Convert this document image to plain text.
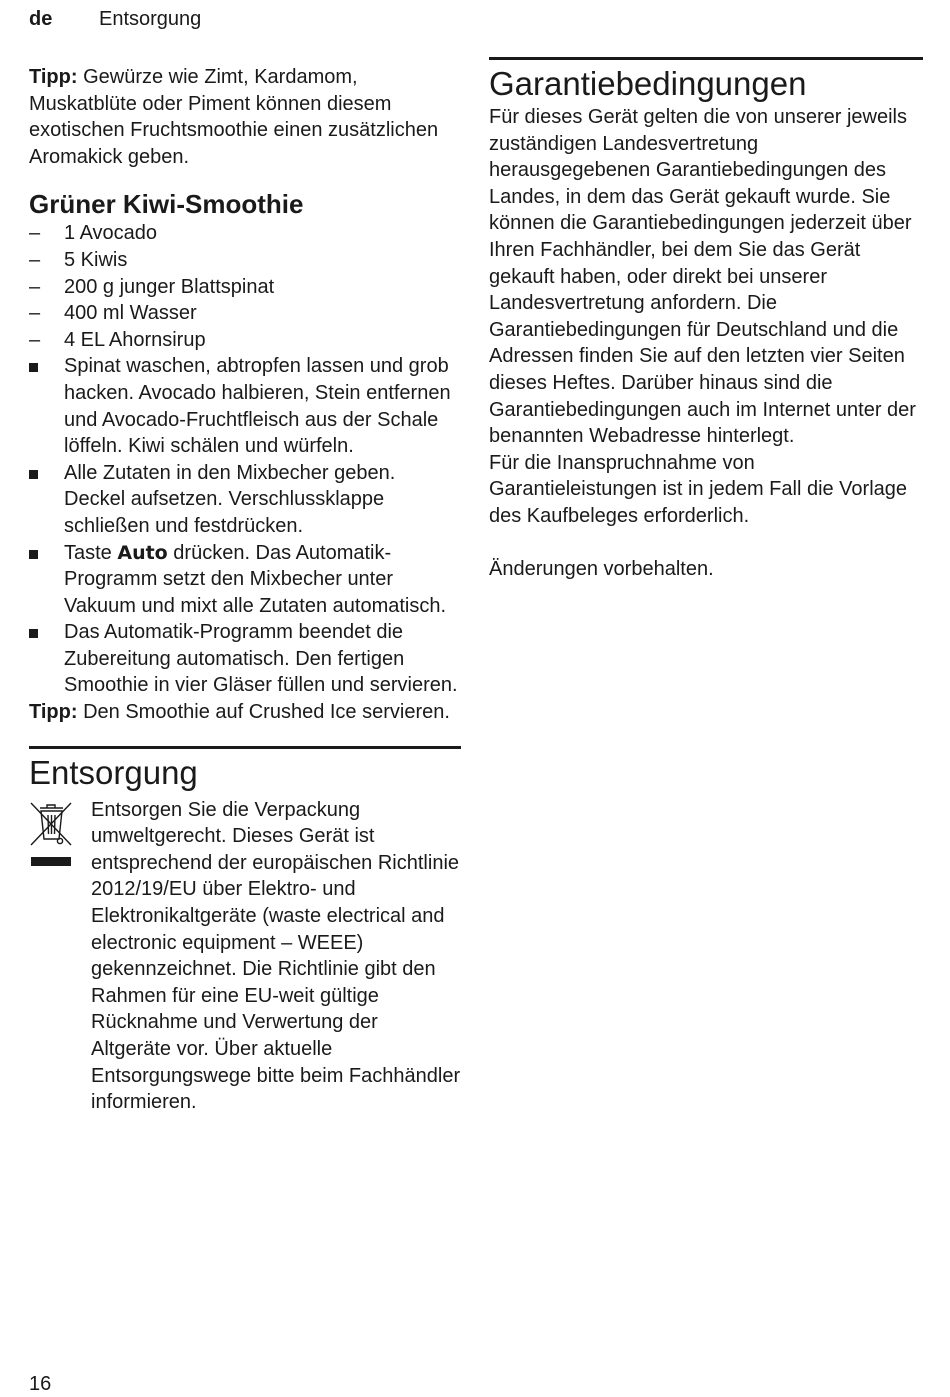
de Entsorgung

Tipp: Gewürze wie Zimt, Kardamom, Muskatblüte oder Piment können diesem exotischen Fruchtsmoothie einen zusätzlichen Aromakick geben.

Grüner Kiwi-Smoothie
–	1 Avocado
–	5 Kiwis
–	200 g junger Blattspinat
–	400 ml Wasser
–	4 EL Ahornsirup
Spinat waschen, abtropfen lassen und grob hacken. Avocado halbieren, Stein entfernen und Avocado-Fruchtfleisch aus der Schale löffeln. Kiwi schälen und würfeln.
Alle Zutaten in den Mixbecher geben. Deckel aufsetzen. Verschlussklappe schließen und festdrücken.
Taste Auto drücken. Das Automatik-Programm setzt den Mixbecher unter Vakuum und mixt alle Zutaten automatisch.
Das Automatik-Programm beendet die Zubereitung automatisch. Den fertigen Smoothie in vier Gläser füllen und servieren.

Tipp: Den Smoothie auf Crushed Ice servieren.

Entsorgung

Entsorgen Sie die Verpackung umweltgerecht. Dieses Gerät ist entsprechend der europäischen Richtlinie 2012/19/EU über Elektro- und Elektronikaltgeräte (waste electrical and electronic equipment – WEEE) gekennzeichnet. Die Richtlinie gibt den Rahmen für eine EU-weit gültige Rücknahme und Verwertung der Altgeräte vor. Über aktuelle Entsorgungswege bitte beim Fachhändler informieren.

Garantiebedingungen

Für dieses Gerät gelten die von unserer jeweils zuständigen Landesvertretung herausgegebenen Garantiebedingungen des Landes, in dem das Gerät gekauft wurde. Sie können die Garantiebedingungen jederzeit über Ihren Fachhändler, bei dem Sie das Gerät gekauft haben, oder direkt bei unserer Landesvertretung anfordern. Die Garantiebedingungen für Deutschland und die Adressen finden Sie auf den letzten vier Seiten dieses Heftes. Darüber hinaus sind die Garantiebedingungen auch im Internet unter der benannten Webadresse hinterlegt.

Für die Inanspruchnahme von Garantieleistungen ist in jedem Fall die Vorlage des Kaufbeleges erforderlich.

Änderungen vorbehalten.

16
